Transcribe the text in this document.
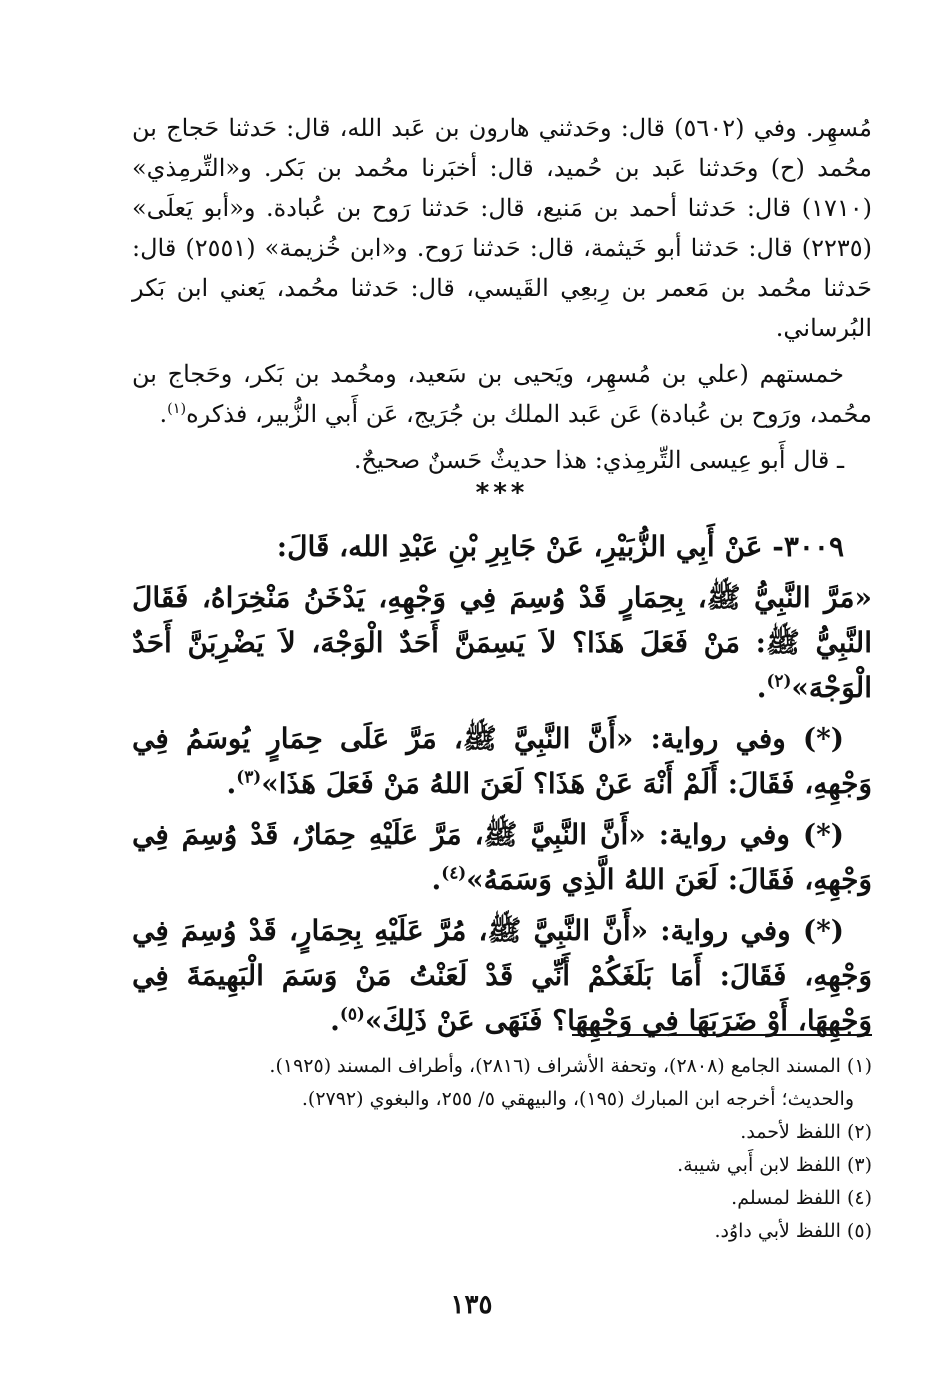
مُسهِر. وفي (٥٦٠٢) قال: وحَدثني هارون بن عَبد الله، قال: حَدثنا حَجاج بن محُمد (ح) وحَدثنا عَبد بن حُميد، قال: أخبَرنا محُمد بن بَكر. و«التِّرمِذي» (١٧١٠) قال: حَدثنا أحمد بن مَنيع، قال: حَدثنا رَوح بن عُبادة. و«أبو يَعلَى» (٢٢٣٥) قال: حَدثنا أبو خَيثمة، قال: حَدثنا رَوح. و«ابن خُزيمة» (٢٥٥١) قال: حَدثنا محُمد بن مَعمر بن رِبعِي القَيسي، قال: حَدثنا محُمد، يَعني ابن بَكر البُرساني.

خمستهم (علي بن مُسهِر، ويَحيى بن سَعيد، ومحُمد بن بَكر، وحَجاج بن محُمد، ورَوح بن عُبادة) عَن عَبد الملك بن جُرَيج، عَن أَبي الزُّبير، فذكره$^{(١)}$.

ـ قال أَبو عِيسى التِّرمِذي: هذا حديثٌ حَسنٌ صحيحٌ.

***

٣٠٠٩- عَنْ أَبِي الزُّبَيْرِ، عَنْ جَابِرِ بْنِ عَبْدِ الله، قَالَ:

«مَرَّ النَّبِيُّ ﷺ، بِحِمَارٍ قَدْ وُسِمَ فِي وَجْهِهِ، يَدْخَنُ مَنْخِرَاهُ، فَقَالَ النَّبِيُّ ﷺ: مَنْ فَعَلَ هَذَا؟ لاَ يَسِمَنَّ أَحَدٌ الْوَجْهَ، لاَ يَضْرِبَنَّ أَحَدٌ الْوَجْهَ»$^{(٢)}$.

(*) وفي رواية: «أَنَّ النَّبِيَّ ﷺ، مَرَّ عَلَى حِمَارٍ يُوسَمُ فِي وَجْهِهِ، فَقَالَ: أَلَمْ أَنْهَ عَنْ هَذَا؟ لَعَنَ اللهُ مَنْ فَعَلَ هَذَا»$^{(٣)}$.

(*) وفي رواية: «أَنَّ النَّبِيَّ ﷺ، مَرَّ عَلَيْهِ حِمَارٌ، قَدْ وُسِمَ فِي وَجْهِهِ، فَقَالَ: لَعَنَ اللهُ الَّذِي وَسَمَهُ»$^{(٤)}$.

(*) وفي رواية: «أَنَّ النَّبِيَّ ﷺ، مُرَّ عَلَيْهِ بِحِمَارٍ، قَدْ وُسِمَ فِي وَجْهِهِ، فَقَالَ: أَمَا بَلَغَكُمْ أَنِّي قَدْ لَعَنْتُ مَنْ وَسَمَ الْبَهِيمَةَ فِي وَجْهِهَا، أَوْ ضَرَبَهَا فِي وَجْهِهَا؟ فَنَهَى عَنْ ذَلِكَ»$^{(٥)}$.

(١) المسند الجامع (٢٨٠٨)، وتحفة الأشراف (٢٨١٦)، وأطراف المسند (١٩٢٥).

والحديث؛ أخرجه ابن المبارك (١٩٥)، والبيهقي ٥/ ٢٥٥، والبغوي (٢٧٩٢).

(٢) اللفظ لأحمد.

(٣) اللفظ لابن أَبي شيبة.

(٤) اللفظ لمسلم.

(٥) اللفظ لأبي داوُد.

١٣٥
